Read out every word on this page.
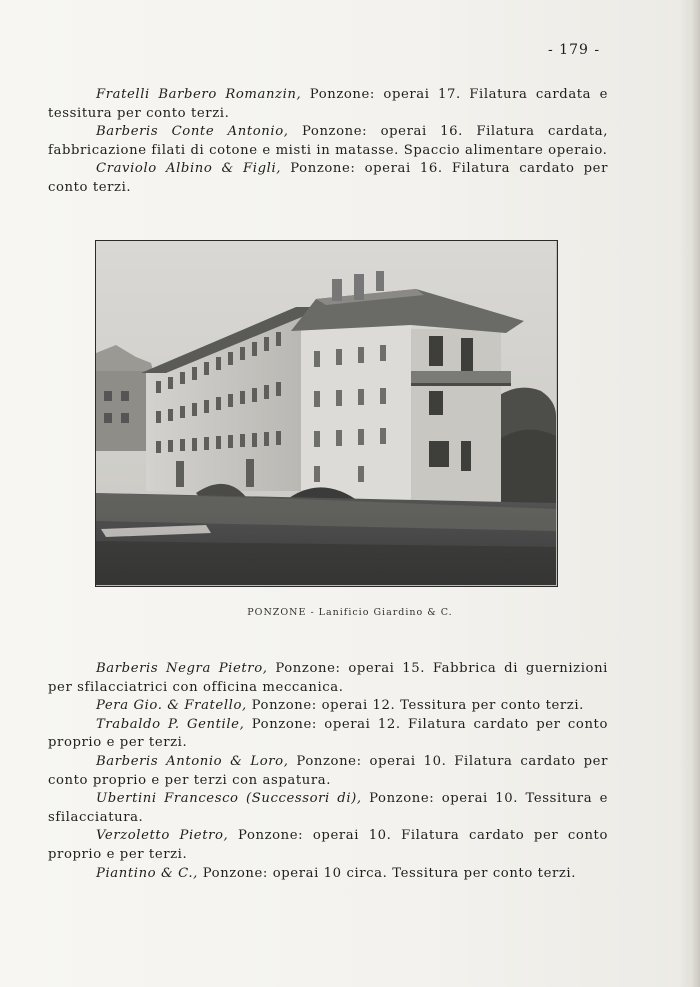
- 179 -

Fratelli Barbero Romanzin, Ponzone: operai 17. Filatura cardata e tessitura per conto terzi.

Barberis Conte Antonio, Ponzone: operai 16. Filatura cardata, fabbricazione filati di cotone e misti in matasse. Spaccio alimentare operaio.

Craviolo Albino & Figli, Ponzone: operai 16. Filatura cardato per conto terzi.

PONZONE - Lanificio Giardino & C.

Barberis Negra Pietro, Ponzone: operai 15. Fabbrica di guernizioni per sfilacciatrici con officina meccanica.

Pera Gio. & Fratello, Ponzone: operai 12. Tessitura per conto terzi.

Trabaldo P. Gentile, Ponzone: operai 12. Filatura cardato per conto proprio e per terzi.

Barberis Antonio & Loro, Ponzone: operai 10. Filatura cardato per conto proprio e per terzi con aspatura.

Ubertini Francesco (Successori di), Ponzone: operai 10. Tessitura e sfilacciatura.

Verzoletto Pietro, Ponzone: operai 10. Filatura cardato per conto proprio e per terzi.

Piantino & C., Ponzone: operai 10 circa. Tessitura per conto terzi.
